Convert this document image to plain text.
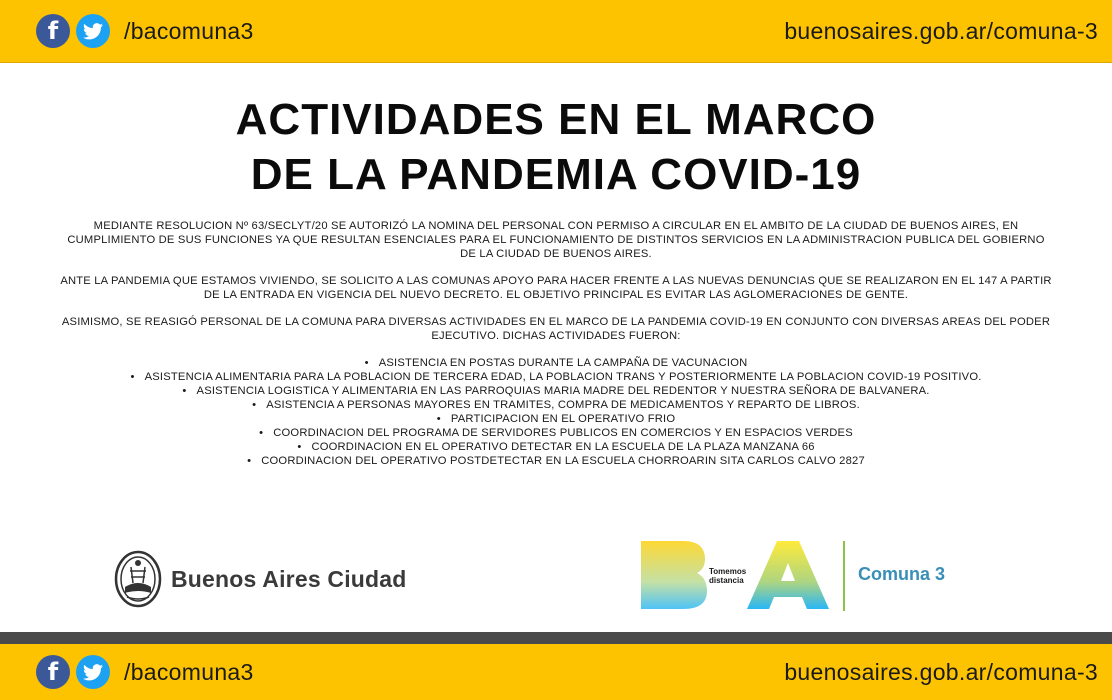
f	/bacomuna3	buenosaires.gob.ar/comuna-3
ACTIVIDADES EN EL MARCO
DE LA PANDEMIA COVID-19

MEDIANTE RESOLUCION Nº 63/SECLYT/20 SE AUTORIZÓ LA NOMINA DEL PERSONAL CON PERMISO A CIRCULAR EN EL AMBITO DE LA CIUDAD DE BUENOS AIRES, EN CUMPLIMIENTO DE SUS FUNCIONES YA QUE RESULTAN ESENCIALES PARA EL FUNCIONAMIENTO DE DISTINTOS SERVICIOS EN LA ADMINISTRACION PUBLICA DEL GOBIERNO DE LA CIUDAD DE BUENOS AIRES.

ANTE LA PANDEMIA QUE ESTAMOS VIVIENDO, SE SOLICITO A LAS COMUNAS APOYO PARA HACER FRENTE A LAS NUEVAS DENUNCIAS QUE SE REALIZARON EN EL 147 A PARTIR DE LA ENTRADA EN VIGENCIA DEL NUEVO DECRETO. EL OBJETIVO PRINCIPAL ES EVITAR LAS AGLOMERACIONES DE GENTE.

ASIMISMO, SE REASIGÓ PERSONAL DE LA COMUNA PARA DIVERSAS ACTIVIDADES EN EL MARCO DE LA PANDEMIA COVID-19 EN CONJUNTO CON DIVERSAS AREAS DEL PODER EJECUTIVO. DICHAS ACTIVIDADES FUERON:

• ASISTENCIA EN POSTAS DURANTE LA CAMPAÑA DE VACUNACION
• ASISTENCIA ALIMENTARIA PARA LA POBLACION DE TERCERA EDAD, LA POBLACION TRANS Y POSTERIORMENTE LA POBLACION COVID-19 POSITIVO.
• ASISTENCIA LOGISTICA Y ALIMENTARIA EN LAS PARROQUIAS MARIA MADRE DEL REDENTOR Y NUESTRA SEÑORA DE BALVANERA.
• ASISTENCIA A PERSONAS MAYORES EN TRAMITES, COMPRA DE MEDICAMENTOS Y REPARTO DE LIBROS.
• PARTICIPACION EN EL OPERATIVO FRIO
• COORDINACION DEL PROGRAMA DE SERVIDORES PUBLICOS EN COMERCIOS Y EN ESPACIOS VERDES
• COORDINACION EN EL OPERATIVO DETECTAR EN LA ESCUELA DE LA PLAZA MANZANA 66
• COORDINACION DEL OPERATIVO POSTDETECTAR EN LA ESCUELA CHORROARIN SITA CARLOS CALVO 2827
Buenos Aires Ciudad	Tomemos
distancia	Comuna 3
f	/bacomuna3	buenosaires.gob.ar/comuna-3
